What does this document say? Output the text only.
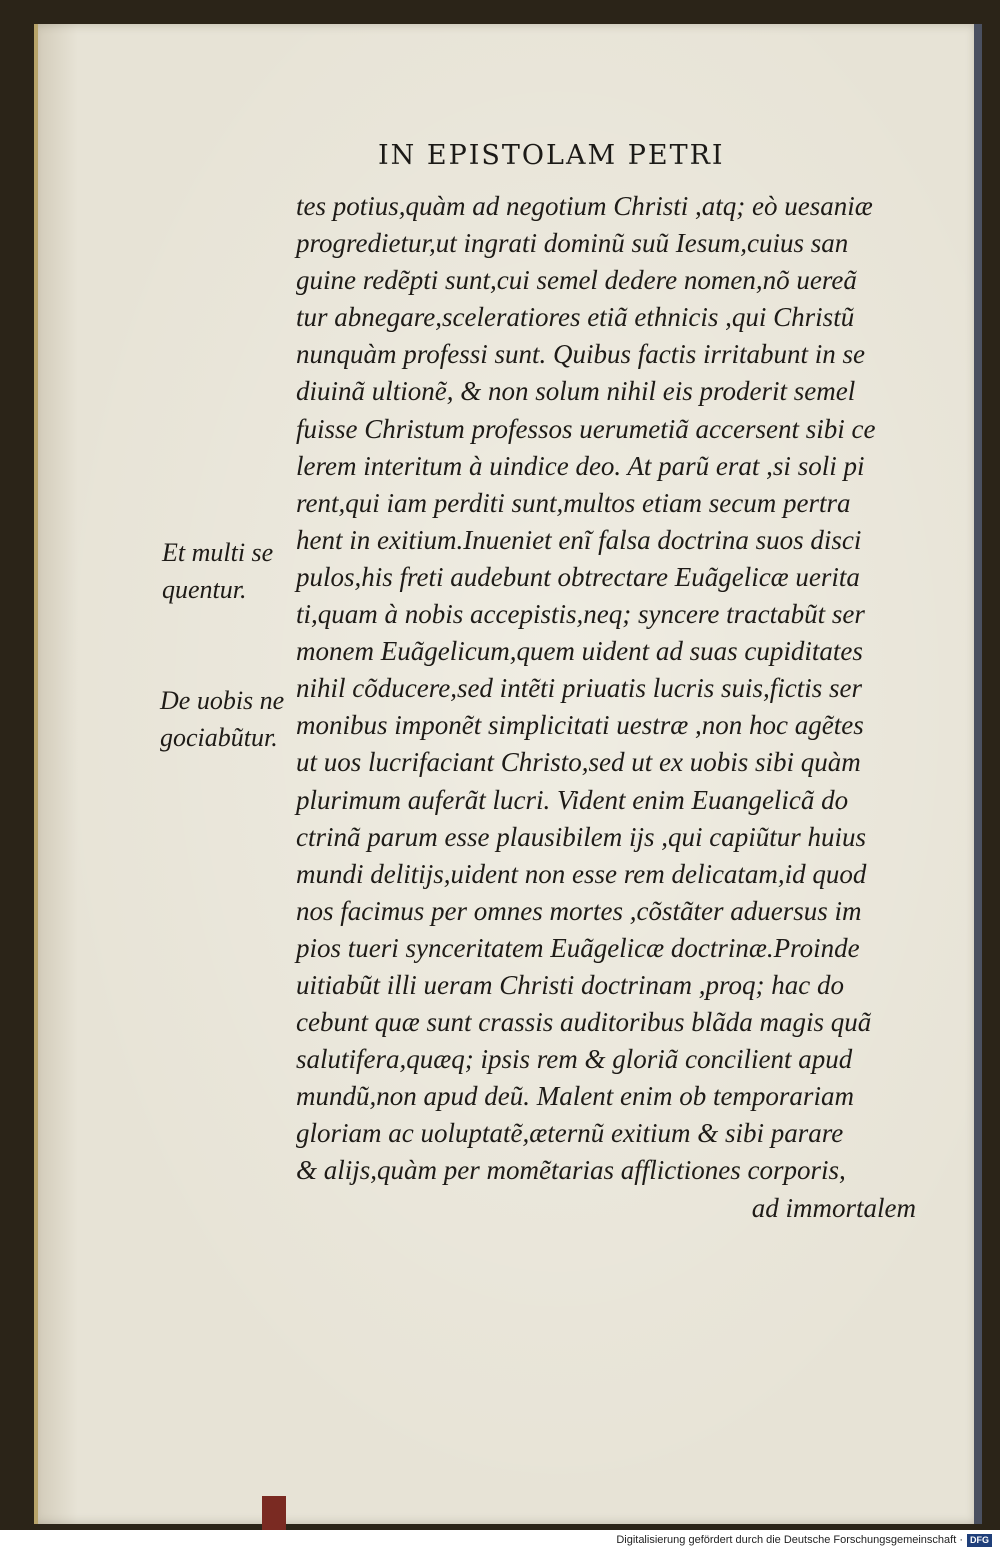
IN EPISTOLAM PETRI
tes potius,quàm ad negotium Christi ,atq; eò uesaniæ
progredietur,ut ingrati dominũ suũ Iesum,cuius san
guine redẽpti sunt,cui semel dedere nomen,nõ uereã
tur abnegare,sceleratiores etiã ethnicis ,qui Christũ
nunquàm professi sunt. Quibus factis irritabunt in se
diuinã ultionẽ, & non solum nihil eis proderit semel
fuisse Christum professos uerumetiã accersent sibi ce
lerem interitum à uindice deo. At parũ erat ,si soli pi
rent,qui iam perditi sunt,multos etiam secum pertra
hent in exitium.Inueniet enĩ falsa doctrina suos disci
pulos,his freti audebunt obtrectare Euãgelicæ uerita
ti,quam à nobis accepistis,neq; syncere tractabũt ser
monem Euãgelicum,quem uident ad suas cupiditates
nihil cõducere,sed intẽti priuatis lucris suis,fictis ser
monibus imponẽt simplicitati uestræ ,non hoc agẽtes
ut uos lucrifaciant Christo,sed ut ex uobis sibi quàm
plurimum auferãt lucri. Vident enim Euangelicã do
ctrinã parum esse plausibilem ijs ,qui capiũtur huius
mundi delitijs,uident non esse rem delicatam,id quod
nos facimus per omnes mortes ,cõstãter aduersus im
pios tueri synceritatem Euãgelicæ doctrinæ.Proinde
uitiabũt illi ueram Christi doctrinam ,proq; hac do
cebunt quæ sunt crassis auditoribus blãda magis quã
salutifera,quæq; ipsis rem & gloriã concilient apud
mundũ,non apud deũ. Malent enim ob temporariam
gloriam ac uoluptatẽ,æternũ exitium & sibi parare
& alijs,quàm per momẽtarias afflictiones corporis,
ad immortalem
Et multi se
quentur.
De uobis ne
gociabũtur.
Digitalisierung gefördert durch die Deutsche Forschungsgemeinschaft · DFG
